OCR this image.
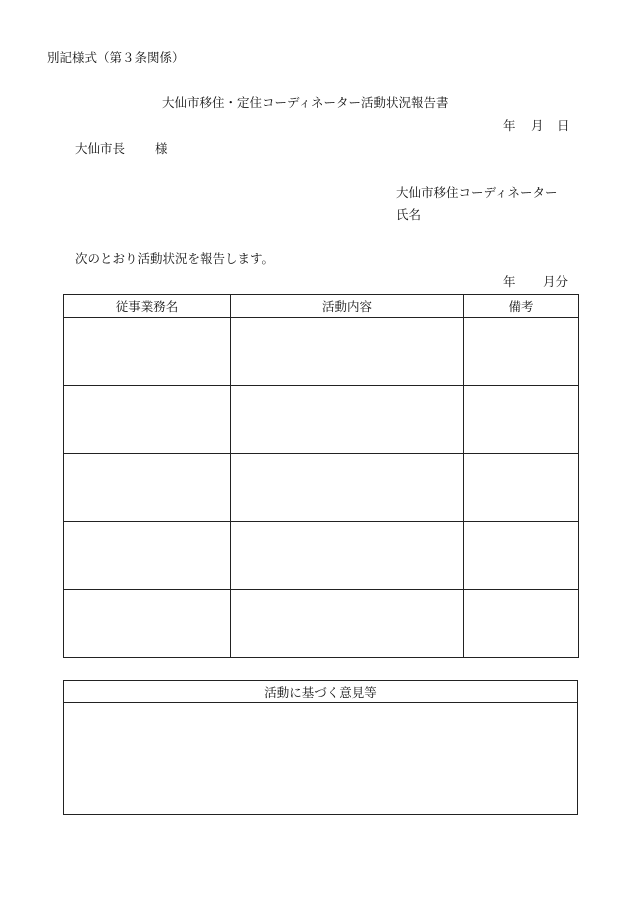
別記様式（第３条関係）
大仙市移住・定住コーディネーター活動状況報告書
年 月 日
大仙市長 様
大仙市移住コーディネーター
氏名
次のとおり活動状況を報告します。
年 月分
従事業務名	活動内容	備考

活動に基づく意見等
